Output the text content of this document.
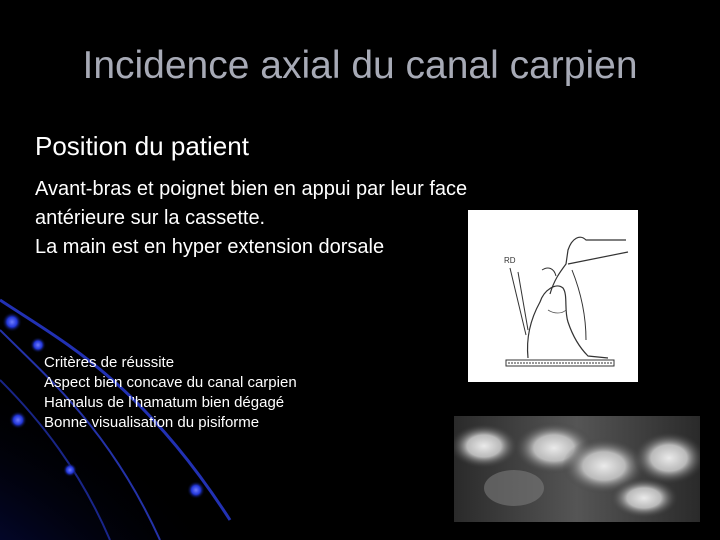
Incidence axial du canal carpien
Position du patient
Avant-bras et poignet bien en appui par leur face
antérieure sur la cassette.
La main est en hyper extension dorsale
Critères de réussite
Aspect bien concave du canal carpien
Hamalus de l’hamatum bien dégagé
Bonne visualisation du pisiforme
RD
